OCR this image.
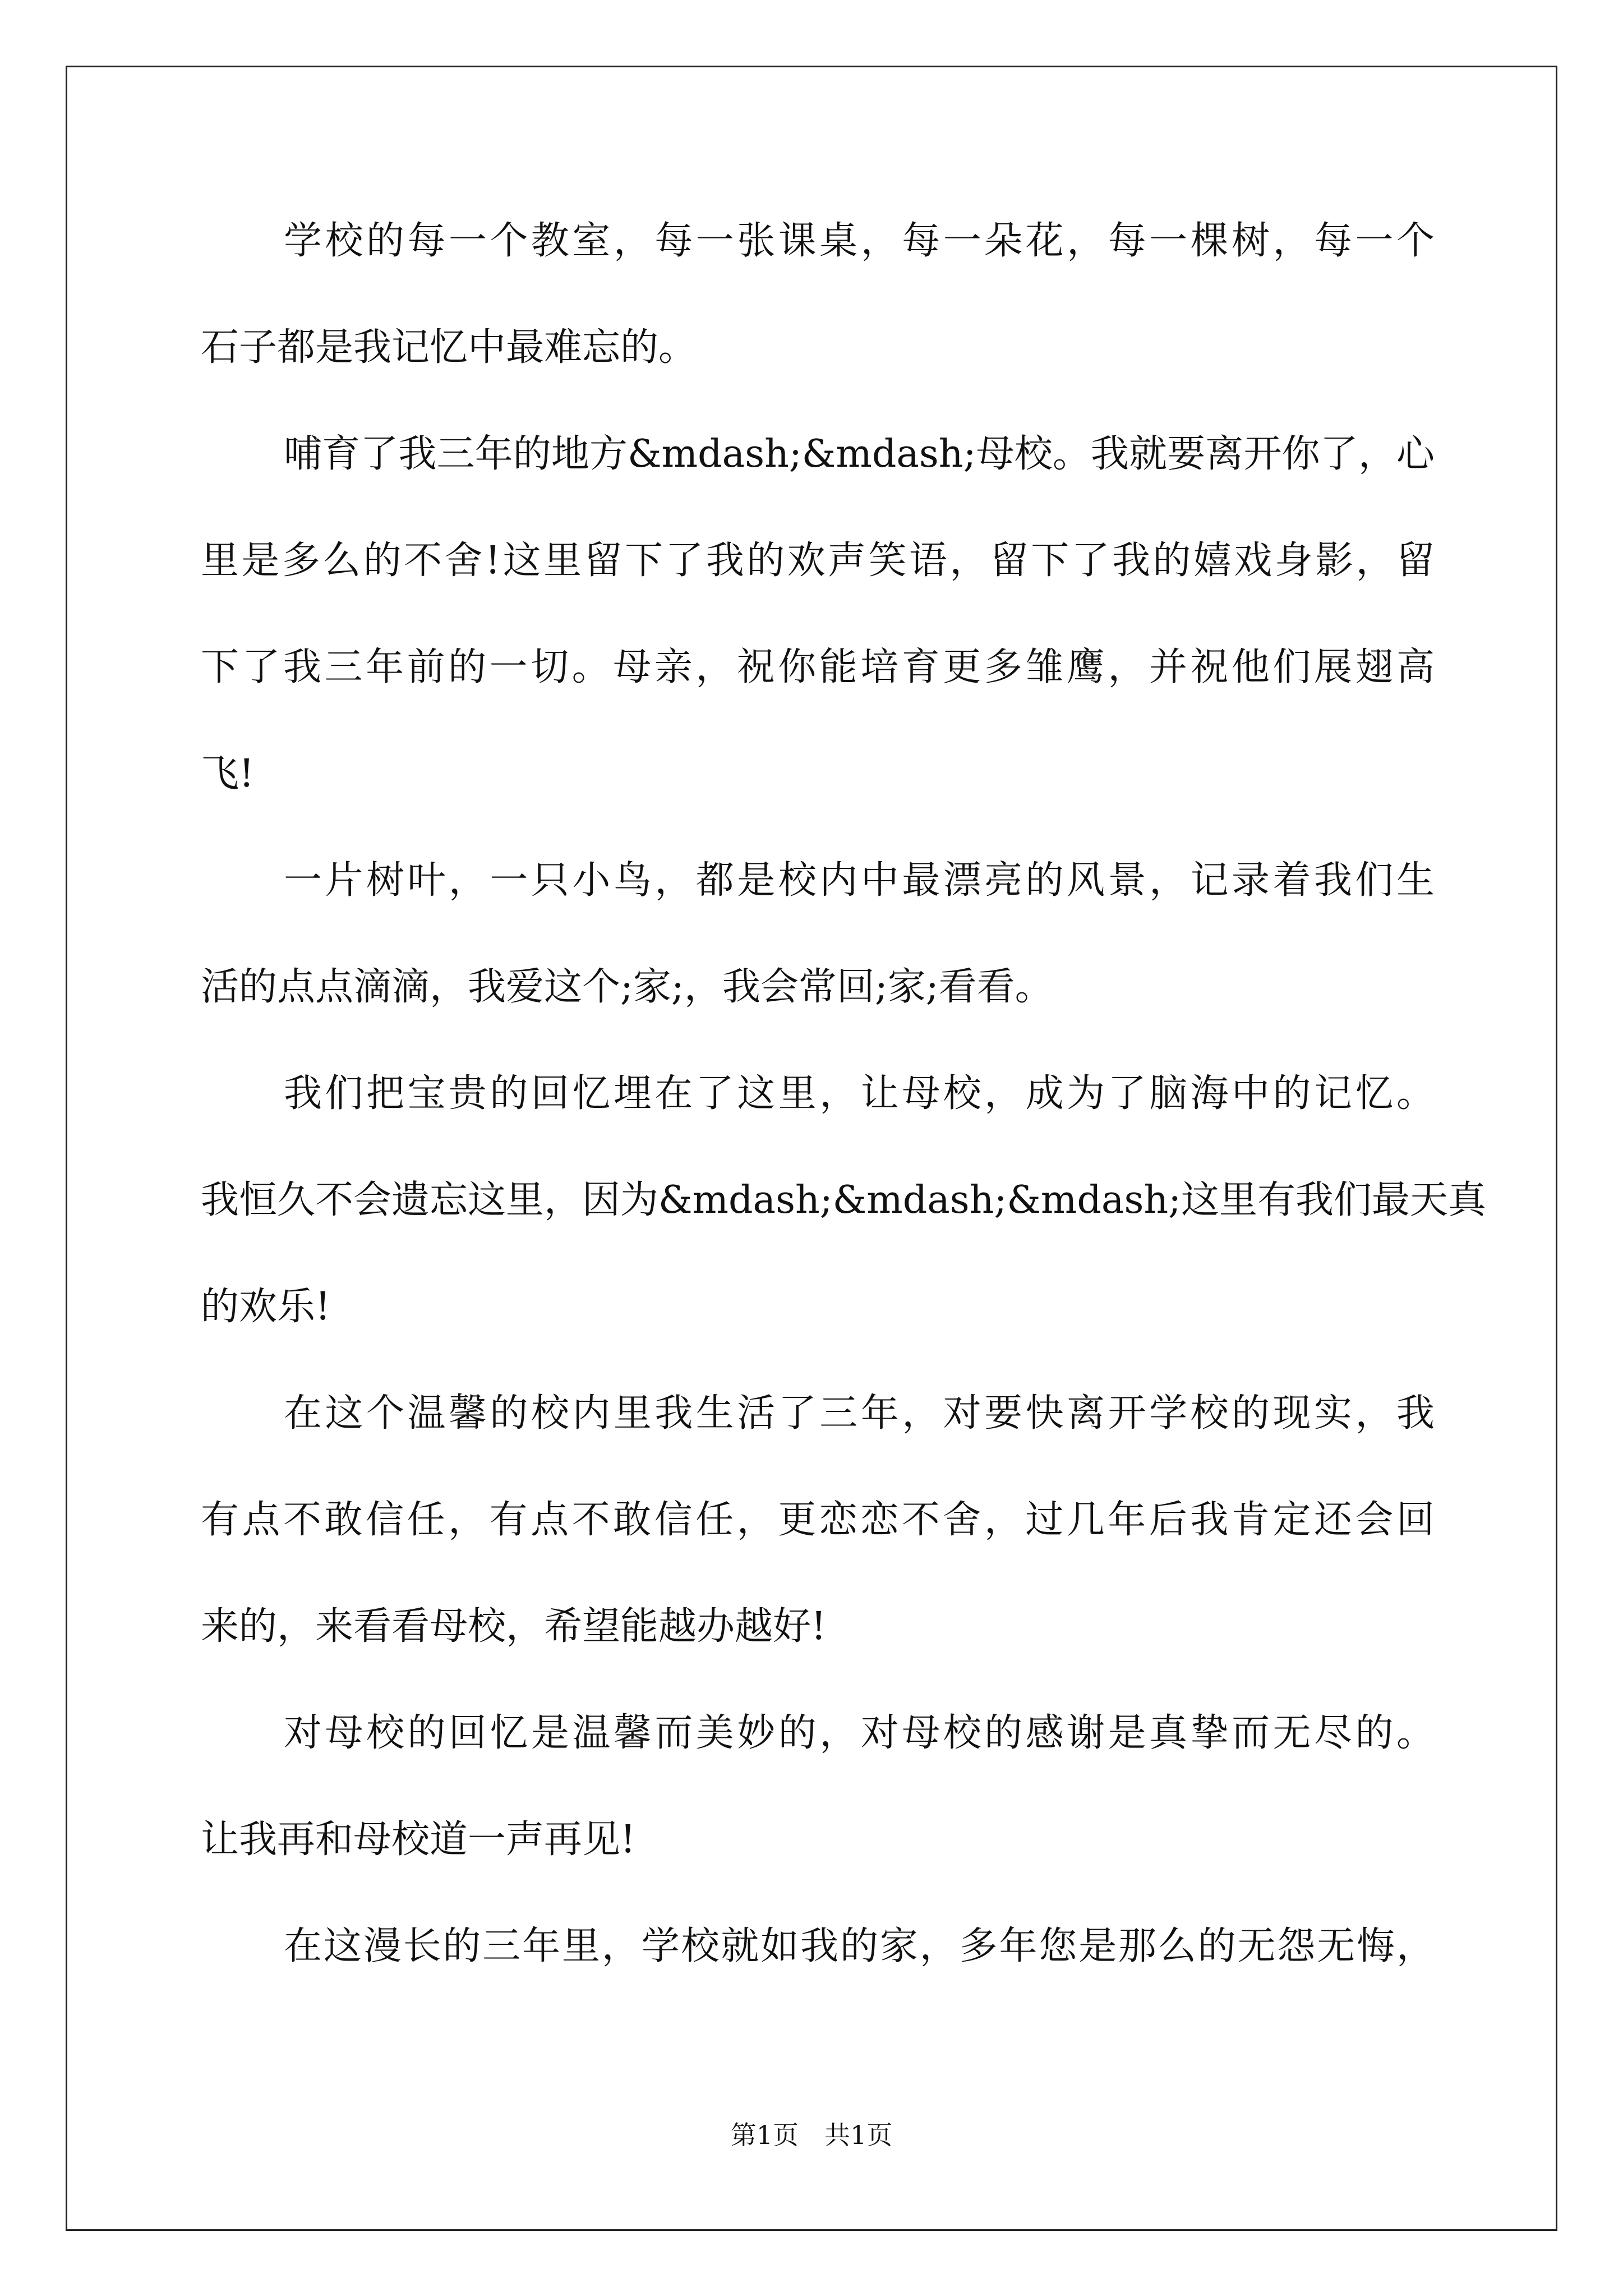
学校的每一个教室，每一张课桌，每一朵花，每一棵树，每一个
石子都是我记忆中最难忘的。
哺育了我三年的地方&mdash;&mdash;母校。我就要离开你了，心
里是多么的不舍!这里留下了我的欢声笑语，留下了我的嬉戏身影，留
下了我三年前的一切。母亲，祝你能培育更多雏鹰，并祝他们展翅高
飞!
一片树叶，一只小鸟，都是校内中最漂亮的风景，记录着我们生
活的点点滴滴，我爱这个;家;，我会常回;家;看看。
我们把宝贵的回忆埋在了这里，让母校，成为了脑海中的记忆。
我恒久不会遗忘这里，因为&mdash;&mdash;&mdash;这里有我们最天真
的欢乐!
在这个温馨的校内里我生活了三年，对要快离开学校的现实，我
有点不敢信任，有点不敢信任，更恋恋不舍，过几年后我肯定还会回
来的，来看看母校，希望能越办越好!
对母校的回忆是温馨而美妙的，对母校的感谢是真挚而无尽的。
让我再和母校道一声再见!
在这漫长的三年里，学校就如我的家，多年您是那么的无怨无悔，
第1页 共1页
